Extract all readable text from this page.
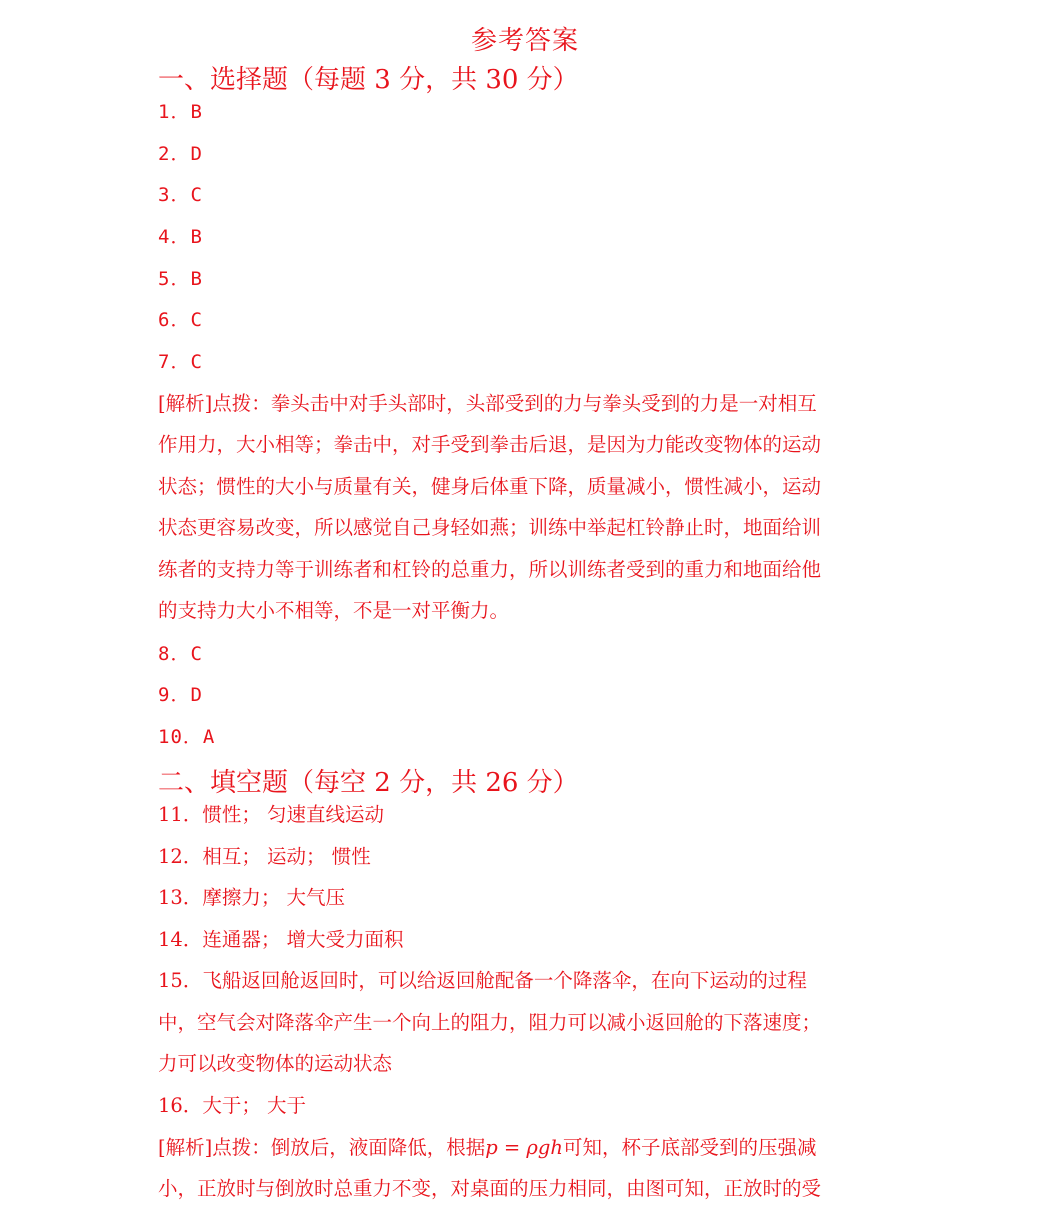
参考答案
一、选择题（每题 3 分，共 30 分）
1．B
2．D
3．C
4．B
5．B
6．C
7．C
[解析]点拨：拳头击中对手头部时，头部受到的力与拳头受到的力是一对相互
作用力，大小相等；拳击中，对手受到拳击后退，是因为力能改变物体的运动
状态；惯性的大小与质量有关，健身后体重下降，质量减小，惯性减小，运动
状态更容易改变，所以感觉自己身轻如燕；训练中举起杠铃静止时，地面给训
练者的支持力等于训练者和杠铃的总重力，所以训练者受到的重力和地面给他
的支持力大小不相等，不是一对平衡力。
8．C
9．D
10．A
二、填空题（每空 2 分，共 26 分）
11．惯性； 匀速直线运动
12．相互； 运动； 惯性
13．摩擦力； 大气压
14．连通器； 增大受力面积
15．飞船返回舱返回时，可以给返回舱配备一个降落伞，在向下运动的过程
中，空气会对降落伞产生一个向上的阻力，阻力可以减小返回舱的下落速度；
力可以改变物体的运动状态
16．大于； 大于
[解析]点拨：倒放后，液面降低，根据p = ρgh可知，杯子底部受到的压强减
小，正放时与倒放时总重力不变，对桌面的压力相同，由图可知，正放时的受
